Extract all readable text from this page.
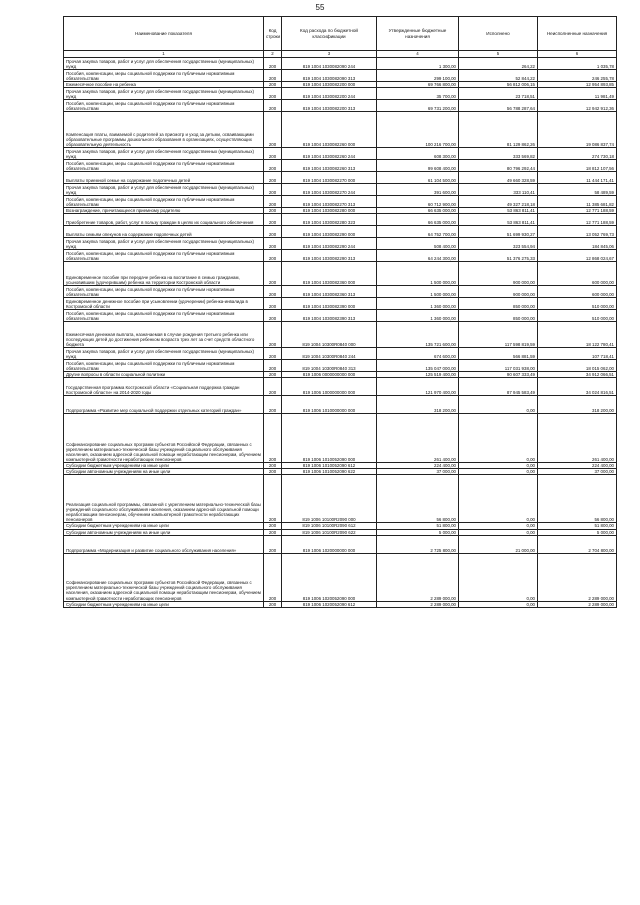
55
Наименование показателя	Код строки	Код расхода по бюджетной классификации	Утвержденные бюджетные назначения	Исполнено	Неисполненные назначения
1	2	3	4	5	6
Прочая закупка товаров, работ и услуг для обеспечения государственных (муниципальных) нужд	200	819 1004 1030082090 244	1 300,00	264,22	1 035,78
Пособия, компенсации, меры социальной поддержки по публичным нормативным обязательствам	200	819 1004 1030082090 313	299 100,00	52 844,22	246 255,78
Ежемесячное пособие на ребенка	200	819 1004 1030082200 000	69 766 800,00	56 812 006,15	12 954 893,85
Прочая закупка товаров, работ и услуг для обеспечения государственных (муниципальных) нужд	200	819 1004 1030082200 244	35 700,00	23 718,51	11 981,49
Пособия, компенсации, меры социальной поддержки по публичным нормативным обязательствам	200	819 1004 1030082200 313	69 731 200,00	56 788 287,64	12 942 912,36
Компенсация платы, взимаемой с родителей за присмотр и уход за детьми, осваивающими образовательные программы дошкольного образования в организациях, осуществляющих образовательную деятельность	200	819 1004 1030082260 000	100 216 700,00	81 129 862,26	19 086 837,74
Прочая закупка товаров, работ и услуг для обеспечения государственных (муниципальных) нужд	200	819 1004 1030082260 244	608 300,00	333 569,82	274 730,18
Пособия, компенсации, меры социальной поддержки по публичным нормативным обязательствам	200	819 1004 1030082260 313	99 608 400,00	80 796 292,44	18 812 107,56
Выплаты приемной семье на содержание подопечных детей	200	819 1004 1030082270 000	61 104 500,00	49 660 328,59	11 444 171,41
Прочая закупка товаров, работ и услуг для обеспечения государственных (муниципальных) нужд	200	819 1004 1030082270 244	391 600,00	333 110,41	58 489,59
Пособия, компенсации, меры социальной поддержки по публичным нормативным обязательствам	200	819 1004 1030082270 313	60 712 900,00	49 327 218,18	11 385 681,82
Вознаграждение, причитающееся приемному родителю	200	819 1004 1030082280 000	66 635 000,00	53 863 811,41	12 771 188,59
Приобретение товаров, работ, услуг в пользу граждан в целях их социального обеспечения	200	819 1004 1030082280 323	66 635 000,00	53 863 811,41	12 771 188,59
Выплаты семьям опекунов на содержание подопечных детей	200	819 1004 1030082290 000	64 752 700,00	51 699 930,27	13 052 769,73
Прочая закупка товаров, работ и услуг для обеспечения государственных (муниципальных) нужд	200	819 1004 1030082290 244	508 400,00	323 554,94	184 845,06
Пособия, компенсации, меры социальной поддержки по публичным нормативным обязательствам	200	819 1004 1030082290 313	64 244 300,00	51 376 275,33	12 868 024,67
Единовременное пособие при передаче ребенка на воспитание в семью гражданам, усыновившим (удочерившим) ребенка на территории Костромской области	200	819 1004 1030082360 000	1 500 000,00	900 000,00	600 000,00
Пособия, компенсации, меры социальной поддержки по публичным нормативным обязательствам	200	819 1004 1030082360 313	1 500 000,00	900 000,00	600 000,00
Единовременное денежное пособие при усыновлении (удочерении) ребенка-инвалида в Костромской области	200	819 1004 1030082390 000	1 360 000,00	850 000,00	510 000,00
Пособия, компенсации, меры социальной поддержки по публичным нормативным обязательствам	200	819 1004 1030082390 313	1 360 000,00	850 000,00	510 000,00
Ежемесячная денежная выплата, назначаемая в случае рождения третьего ребенка или последующих детей до достижения ребенком возраста трех лет за счет средств областного бюджета	200	819 1004 10300R0840 000	135 721 600,00	117 598 819,59	18 122 780,41
Прочая закупка товаров, работ и услуг для обеспечения государственных (муниципальных) нужд	200	819 1004 10300R0840 244	674 600,00	566 881,59	107 718,41
Пособия, компенсации, меры социальной поддержки по публичным нормативным обязательствам	200	819 1004 10300R0840 313	135 047 000,00	117 031 938,00	18 015 062,00
Другие вопросы в области социальной политики	200	819 1006 0000000000 000	125 519 400,00	90 607 333,49	34 912 066,51
Государственная программа Костромской области «Социальная поддержка граждан Костромской области» на 2014-2020 годы	200	819 1006 1000000000 000	121 970 400,00	87 945 583,49	34 024 816,51
Подпрограмма «Развитие мер социальной поддержки отдельных категорий граждан»	200	819 1006 1010000000 000	318 200,00	0,00	318 200,00
Софинансирование социальных программ субъектов Российской Федерации, связанных с укреплением материально-технической базы учреждений социального обслуживания населения, оказанием адресной социальной помощи неработающим пенсионерам, обучением компьютерной грамотности неработающих пенсионеров	200	819 1006 1010052090 000	261 400,00	0,00	261 400,00
Субсидии бюджетным учреждениям на иные цели	200	819 1006 1010052090 612	224 400,00	0,00	224 400,00
Субсидии автономным учреждениям на иные цели	200	819 1006 1010052090 622	37 000,00	0,00	37 000,00
Реализация социальной программы, связанной с укреплением материально-технической базы учреждений социального обслуживания населения, оказанием адресной социальной помощи неработающим пенсионерам, обучением компьютерной грамотности неработающих пенсионеров	200	819 1006 10100R2090 000	56 800,00	0,00	56 800,00
Субсидии бюджетным учреждениям на иные цели	200	819 1006 10100R2090 612	51 800,00	0,00	51 800,00
Субсидии автономным учреждениям на иные цели	200	819 1006 10100R2090 622	5 000,00	0,00	5 000,00
Подпрограмма «Модернизация и развитие социального обслуживания населения»	200	819 1006 1020000000 000	2 725 800,00	21 000,00	2 704 800,00
Софинансирование социальных программ субъектов Российской Федерации, связанных с укреплением материально-технической базы учреждений социального обслуживания населения, оказанием адресной социальной помощи неработающим пенсионерам, обучением компьютерной грамотности неработающих пенсионеров	200	819 1006 1020052090 000	2 289 000,00	0,00	2 289 000,00
Субсидии бюджетным учреждениям на иные цели	200	819 1006 1020052090 612	2 289 000,00	0,00	2 289 000,00
